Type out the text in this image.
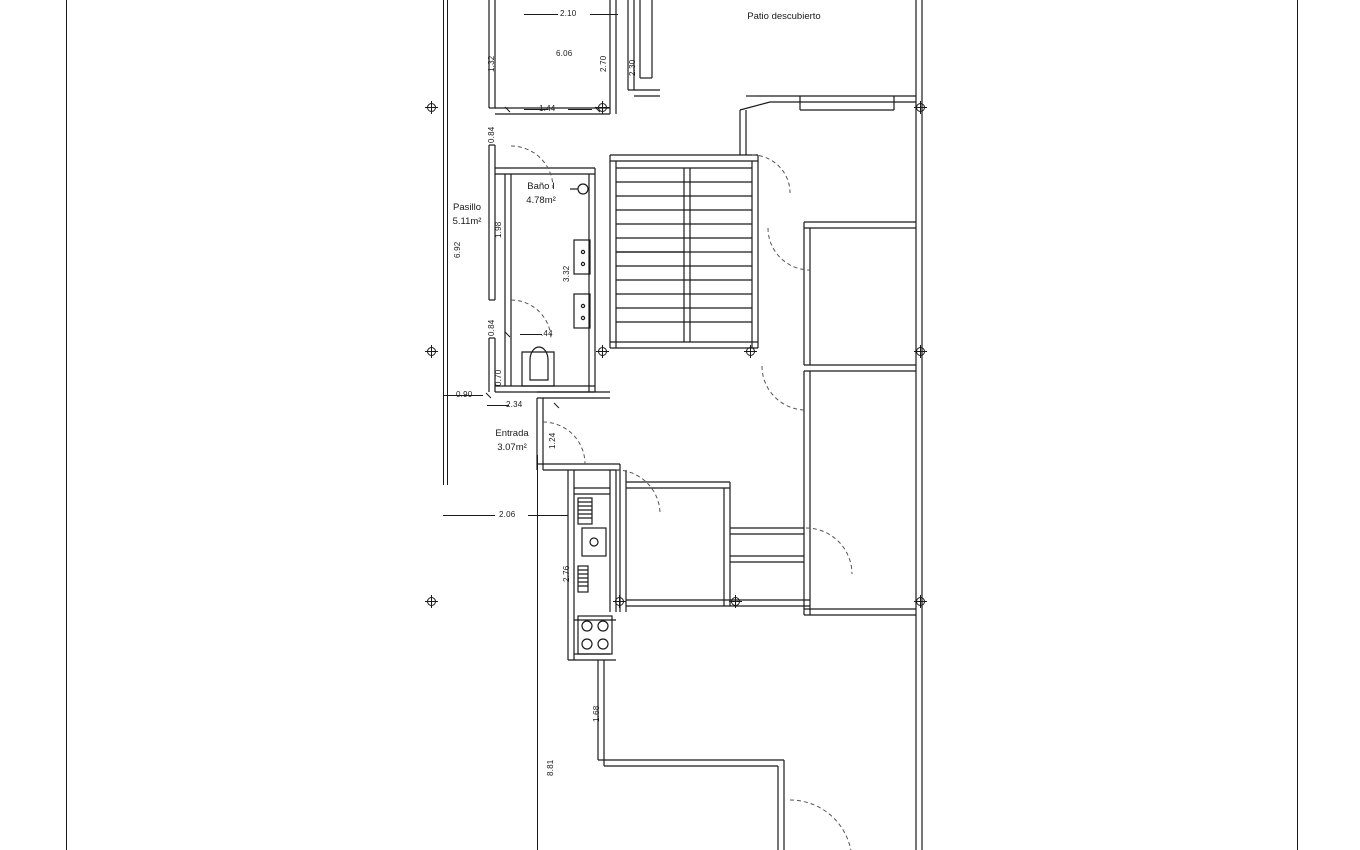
Patio descubierto
Baño I
4.78m²
Pasillo
5.11m²
Entrada
3.07m²
2.10
6.06
1.44
0.90
2.34
2.06
.44
1.32	2.70	2.30
0.84
6.92
1.98
3.32
0.84
0.70
1.24
2.76
1.68
8.81
